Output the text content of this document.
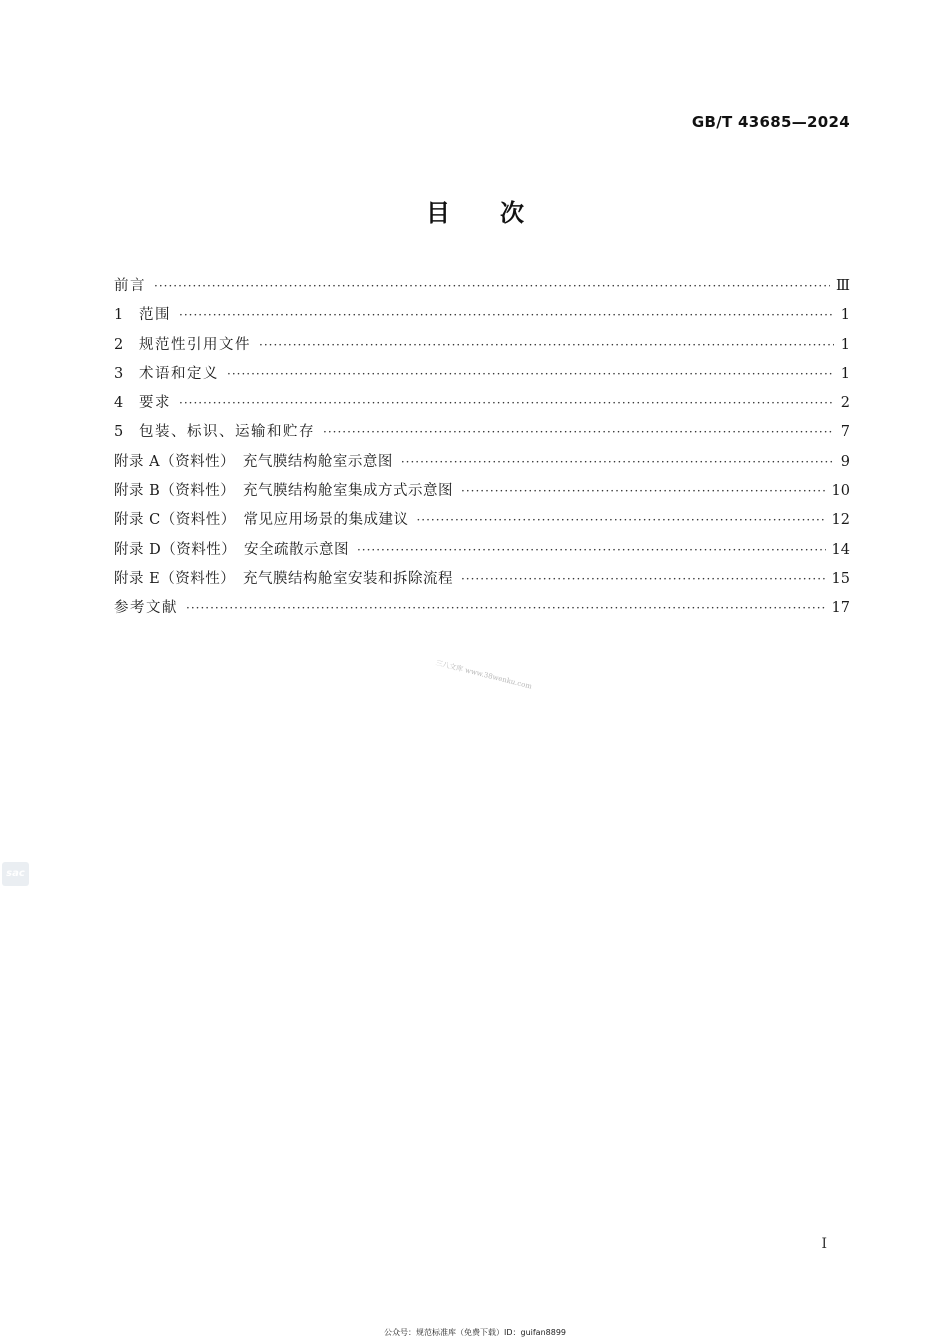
GB/T 43685—2024
目次
前言 ·····	Ⅲ
1	范围 ·····	1
2	规范性引用文件 ·····	1
3	术语和定义 ·····	1
4	要求 ·····	2
5	包装、标识、运输和贮存 ·····	7
附录 A（资料性）　充气膜结构舱室示意图 ·····	9
附录 B（资料性）　充气膜结构舱室集成方式示意图 ·····	10
附录 C（资料性）　常见应用场景的集成建议 ·····	12
附录 D（资料性）　安全疏散示意图 ·····	14
附录 E（资料性）　充气膜结构舱室安装和拆除流程 ·····	15
参考文献 ·····	17
三八文库 www.38wenku.com
sac
I
公众号：规范标准库（免费下载）ID：guifan8899
